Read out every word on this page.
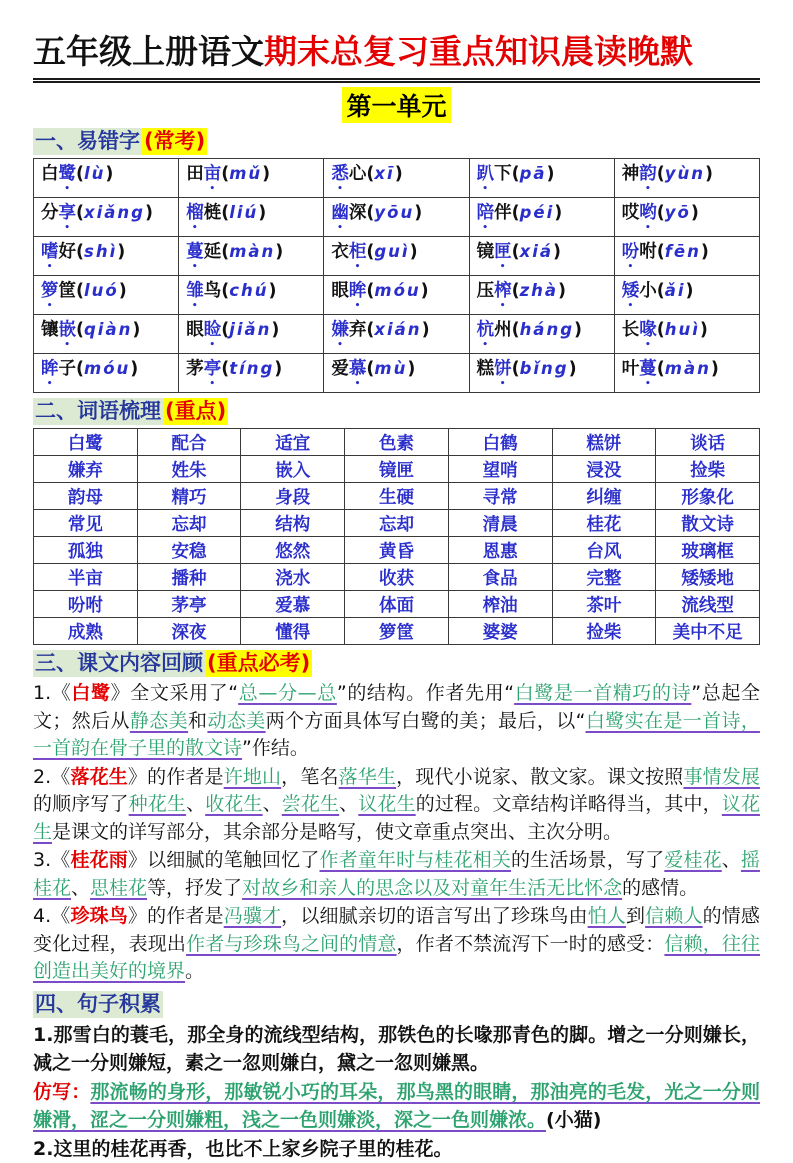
五年级上册语文期末总复习重点知识晨读晚默
第一单元
一、易错字 (常考)
白鹭(lù)	田亩(mǔ)	悉心(xī)	趴下(pā)	神韵(yùn)
分享(xiǎng)	榴梿(liú)	幽深(yōu)	陪伴(péi)	哎哟(yō)
嗜好(shì)	蔓延(màn)	衣柜(guì)	镜匣(xiá)	吩咐(fēn)
箩筐(luó)	雏鸟(chú)	眼眸(móu)	压榨(zhà)	矮小(ǎi)
镶嵌(qiàn)	眼睑(jiǎn)	嫌弃(xián)	杭州(háng)	长喙(huì)
眸子(móu)	茅亭(tíng)	爱慕(mù)	糕饼(bǐng)	叶蔓(màn)
二、词语梳理 (重点)
白鹭	配合	适宜	色素	白鹤	糕饼	谈话
嫌弃	姓朱	嵌入	镜匣	望哨	浸没	捡柴
韵母	精巧	身段	生硬	寻常	纠缠	形象化
常见	忘却	结构	忘却	清晨	桂花	散文诗
孤独	安稳	悠然	黄昏	恩惠	台风	玻璃框
半亩	播种	浇水	收获	食品	完整	矮矮地
吩咐	茅亭	爱慕	体面	榨油	茶叶	流线型
成熟	深夜	懂得	箩筐	婆婆	捡柴	美中不足
三、课文内容回顾 (重点必考)
1.《白鹭》全文采用了“总—分—总”的结构。作者先用“白鹭是一首精巧的诗”总起全文；然后从静态美和动态美两个方面具体写白鹭的美；最后，以“白鹭实在是一首诗，一首韵在骨子里的散文诗”作结。
2.《落花生》的作者是许地山，笔名落华生，现代小说家、散文家。课文按照事情发展的顺序写了种花生、收花生、尝花生、议花生的过程。文章结构详略得当，其中，议花生是课文的详写部分，其余部分是略写，使文章重点突出、主次分明。
3.《桂花雨》以细腻的笔触回忆了作者童年时与桂花相关的生活场景，写了爱桂花、摇桂花、思桂花等，抒发了对故乡和亲人的思念以及对童年生活无比怀念的感情。
4.《珍珠鸟》的作者是冯骥才，以细腻亲切的语言写出了珍珠鸟由怕人到信赖人的情感变化过程，表现出作者与珍珠鸟之间的情意，作者不禁流泻下一时的感受：信赖，往往创造出美好的境界。
四、句子积累
1.那雪白的蓑毛，那全身的流线型结构，那铁色的长喙那青色的脚。增之一分则嫌长，减之一分则嫌短，素之一忽则嫌白，黛之一忽则嫌黑。
仿写：那流畅的身形，那敏锐小巧的耳朵，那鸟黑的眼睛，那油亮的毛发，光之一分则嫌滑，涩之一分则嫌粗，浅之一色则嫌淡，深之一色则嫌浓。(小猫)
2.这里的桂花再香，也比不上家乡院子里的桂花。
